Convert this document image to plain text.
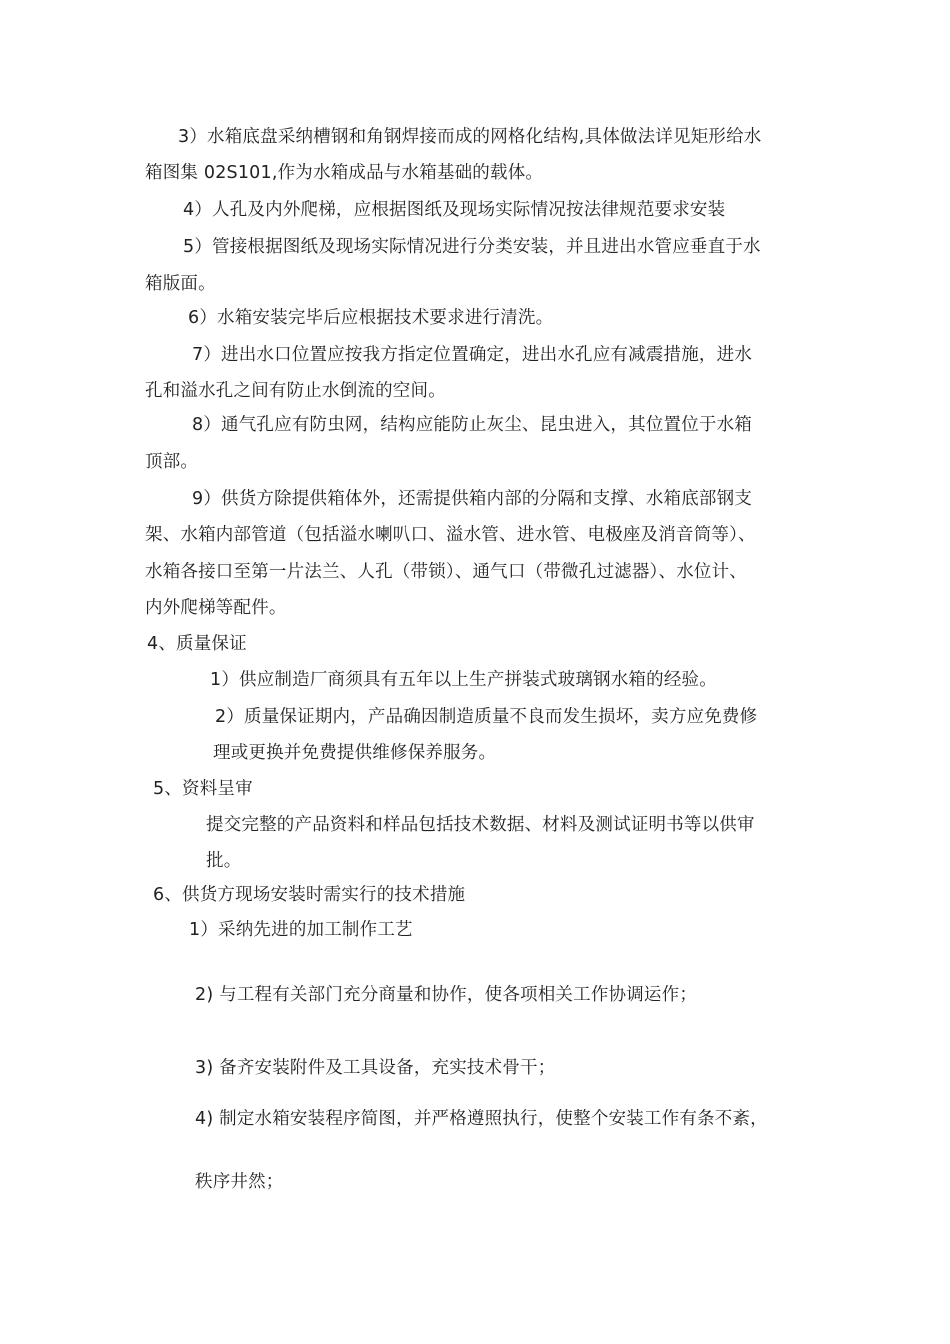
3）水箱底盘采纳槽钢和角钢焊接而成的网格化结构,具体做法详见矩形给水
箱图集 02S101,作为水箱成品与水箱基础的载体。
4）人孔及内外爬梯，应根据图纸及现场实际情况按法律规范要求安装
5）管接根据图纸及现场实际情况进行分类安装，并且进出水管应垂直于水
箱版面。
6）水箱安装完毕后应根据技术要求进行清洗。
7）进出水口位置应按我方指定位置确定，进出水孔应有减震措施，进水
孔和溢水孔之间有防止水倒流的空间。
8）通气孔应有防虫网，结构应能防止灰尘、昆虫进入，其位置位于水箱
顶部。
9）供货方除提供箱体外，还需提供箱内部的分隔和支撑、水箱底部钢支
架、水箱内部管道（包括溢水喇叭口、溢水管、进水管、电极座及消音筒等）、
水箱各接口至第一片法兰、人孔（带锁）、通气口（带微孔过滤器）、水位计、
内外爬梯等配件。
4、质量保证
1）供应制造厂商须具有五年以上生产拼装式玻璃钢水箱的经验。
2）质量保证期内，产品确因制造质量不良而发生损坏，卖方应免费修
理或更换并免费提供维修保养服务。
5、资料呈审
提交完整的产品资料和样品包括技术数据、材料及测试证明书等以供审
批。
6、供货方现场安装时需实行的技术措施
1）采纳先进的加工制作工艺
2) 与工程有关部门充分商量和协作，使各项相关工作协调运作；
3) 备齐安装附件及工具设备，充实技术骨干；
4) 制定水箱安装程序简图，并严格遵照执行，使整个安装工作有条不紊，
秩序井然；
